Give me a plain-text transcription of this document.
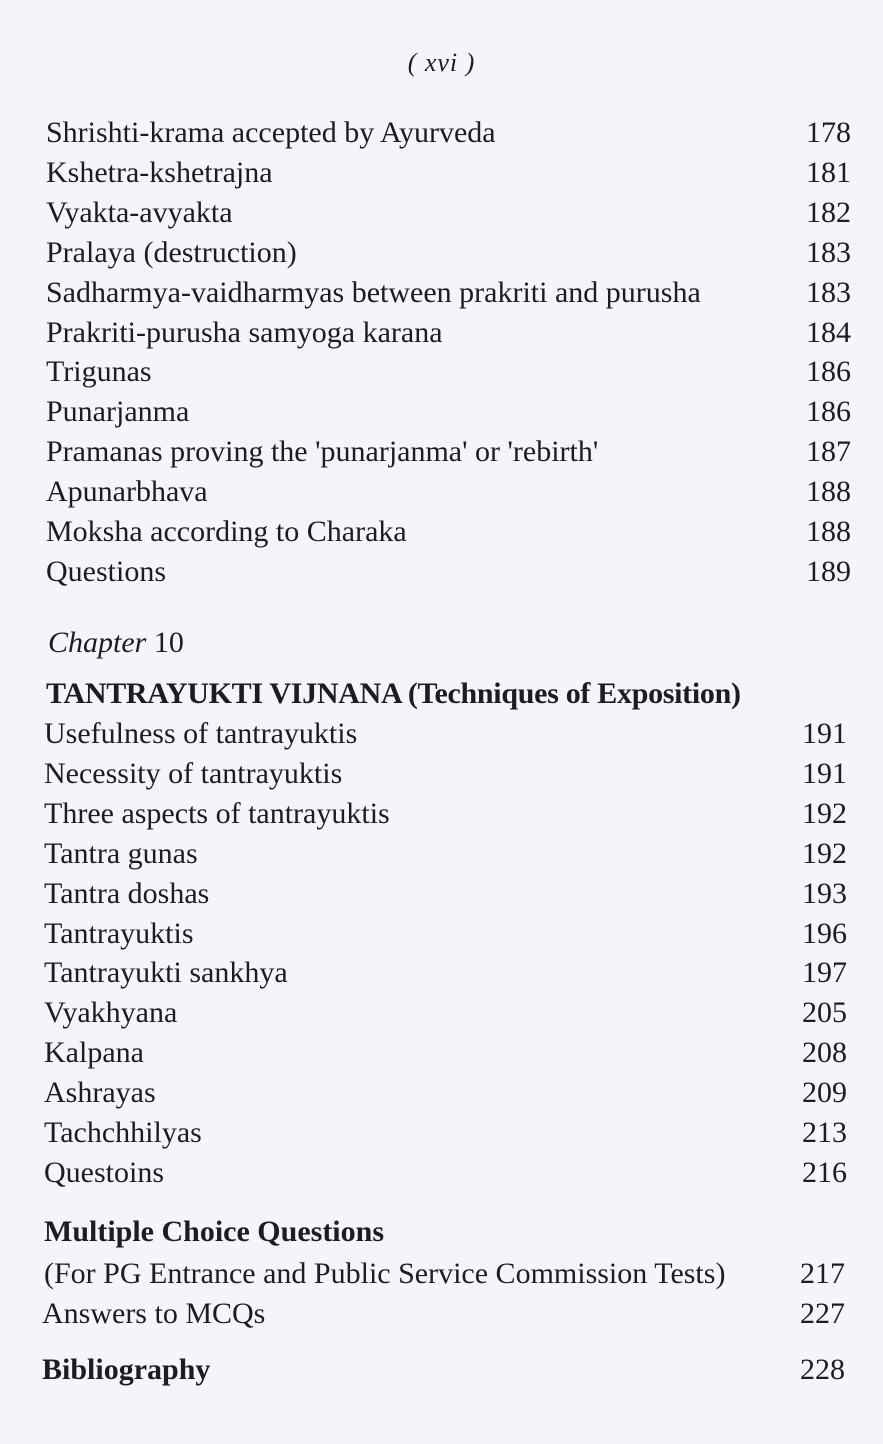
( xvi )
Shrishti-krama accepted by Ayurveda	178
Kshetra-kshetrajna	181
Vyakta-avyakta	182
Pralaya (destruction)	183
Sadharmya-vaidharmyas between prakriti and purusha	183
Prakriti-purusha samyoga karana	184
Trigunas	186
Punarjanma	186
Pramanas proving the 'punarjanma' or 'rebirth'	187
Apunarbhava	188
Moksha according to Charaka	188
Questions	189
Chapter 10
TANTRAYUKTI VIJNANA (Techniques of Exposition)
Usefulness of tantrayuktis	191
Necessity of tantrayuktis	191
Three aspects of tantrayuktis	192
Tantra gunas	192
Tantra doshas	193
Tantrayuktis	196
Tantrayukti sankhya	197
Vyakhyana	205
Kalpana	208
Ashrayas	209
Tachchhilyas	213
Questoins	216
Multiple Choice Questions
(For PG Entrance and Public Service Commission Tests) 217
Answers to MCQs	227
Bibliography	228
